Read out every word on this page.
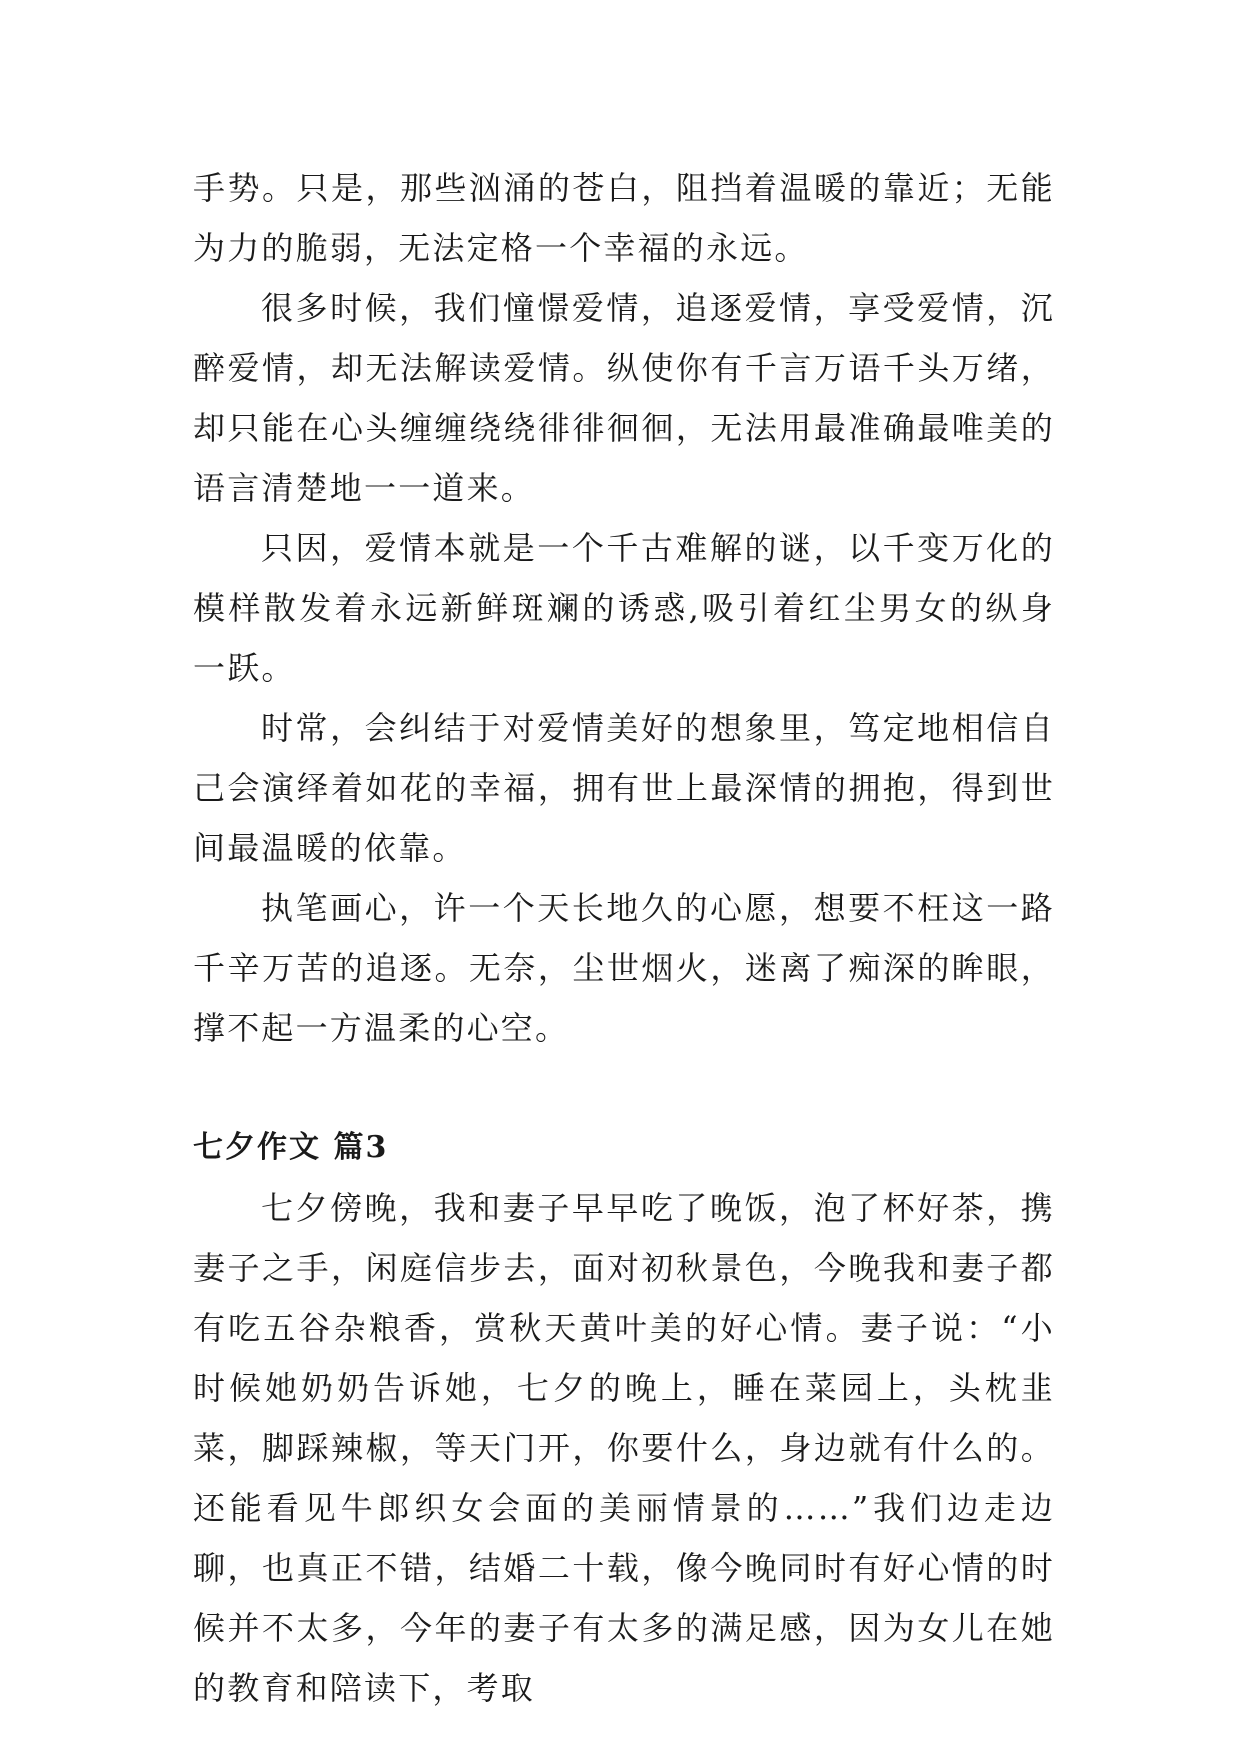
手势。只是，那些汹涌的苍白，阻挡着温暖的靠近；无能为力的脆弱，无法定格一个幸福的永远。

很多时候，我们憧憬爱情，追逐爱情，享受爱情，沉醉爱情，却无法解读爱情。纵使你有千言万语千头万绪，却只能在心头缠缠绕绕徘徘徊徊，无法用最准确最唯美的语言清楚地一一道来。

只因，爱情本就是一个千古难解的谜，以千变万化的模样散发着永远新鲜斑斓的诱惑,吸引着红尘男女的纵身一跃。

时常，会纠结于对爱情美好的想象里，笃定地相信自己会演绎着如花的幸福，拥有世上最深情的拥抱，得到世间最温暖的依靠。

执笔画心，许一个天长地久的心愿，想要不枉这一路千辛万苦的追逐。无奈，尘世烟火，迷离了痴深的眸眼，撑不起一方温柔的心空。

七夕作文 篇3

七夕傍晚，我和妻子早早吃了晚饭，泡了杯好茶，携妻子之手，闲庭信步去，面对初秋景色，今晚我和妻子都有吃五谷杂粮香，赏秋天黄叶美的好心情。妻子说：“小时候她奶奶告诉她，七夕的晚上，睡在菜园上，头枕韭菜，脚踩辣椒，等天门开，你要什么，身边就有什么的。还能看见牛郎织女会面的美丽情景的……”我们边走边聊，也真正不错，结婚二十载，像今晚同时有好心情的时候并不太多，今年的妻子有太多的满足感，因为女儿在她的教育和陪读下，考取
